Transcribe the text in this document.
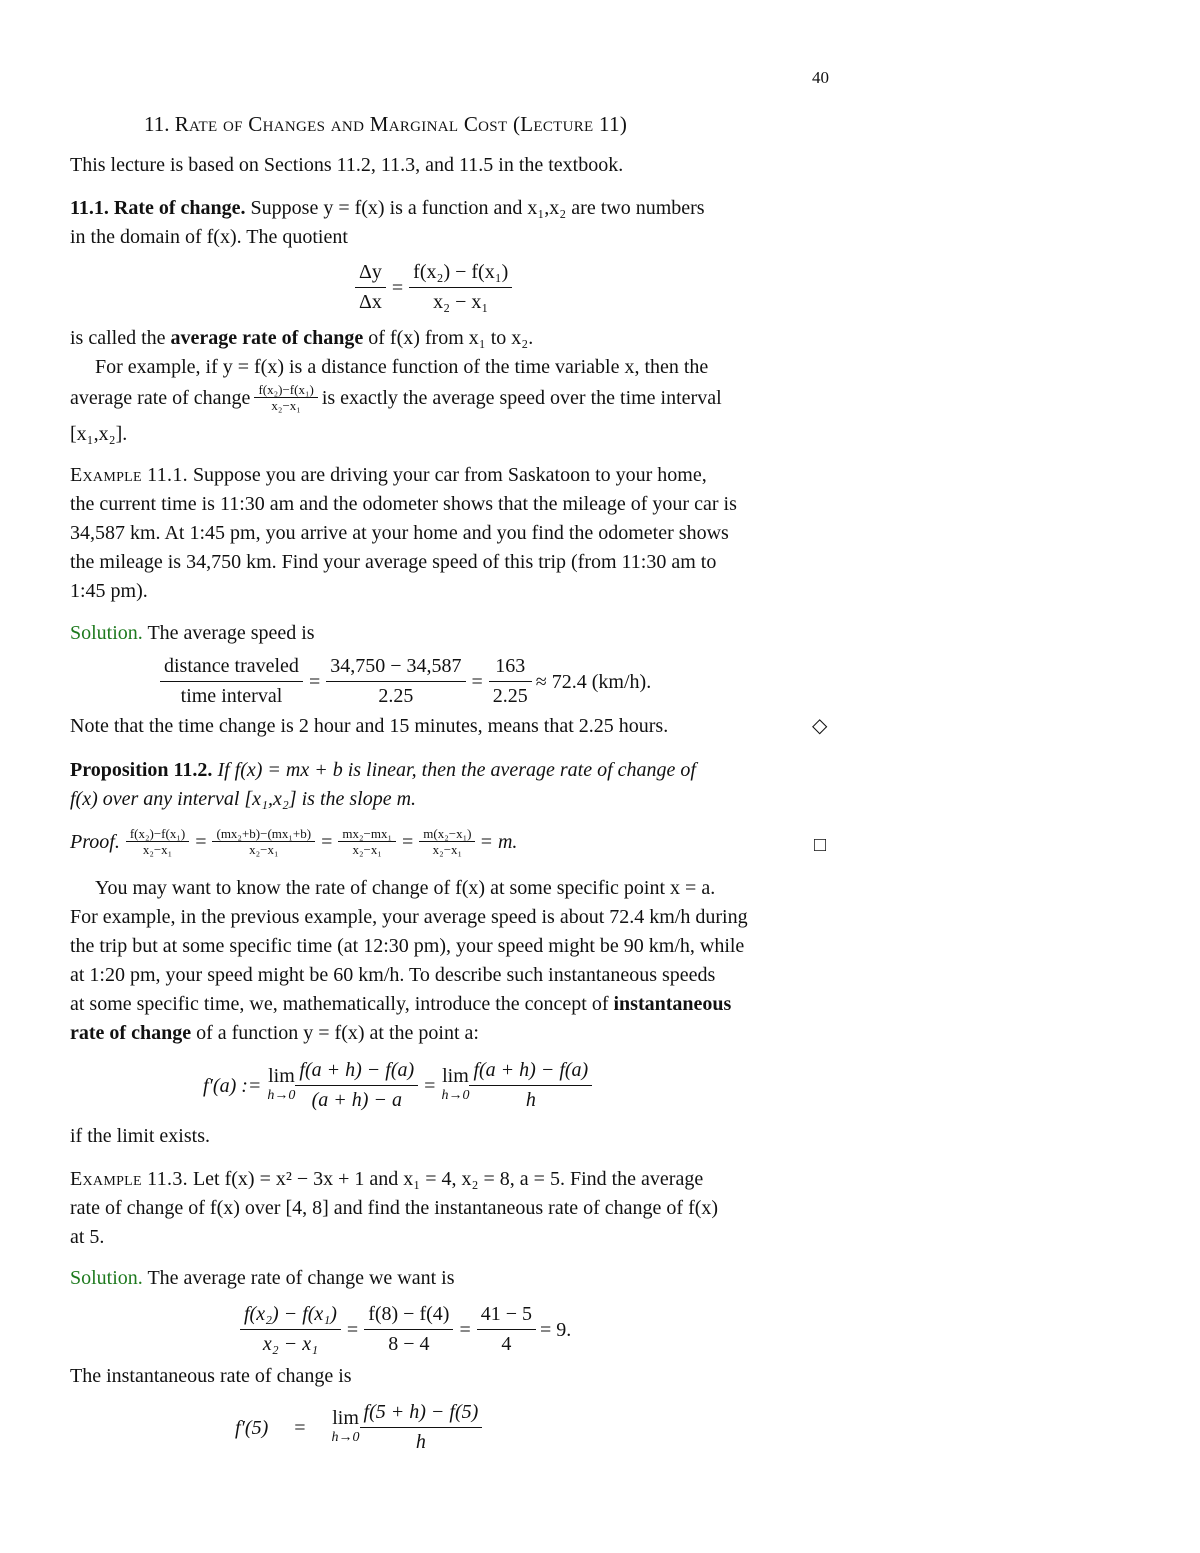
40
11. Rate of Changes and Marginal Cost (Lecture 11)
This lecture is based on Sections 11.2, 11.3, and 11.5 in the textbook.
11.1. Rate of change. Suppose y = f(x) is a function and x₁,x₂ are two numbers
in the domain of f(x). The quotient
$\frac{\Delta y}{\Delta x} = \frac{\text{f(x₂) − f(x₁)}}{\text{x₂ − x₁}}$
is called the average rate of change of f(x) from x₁ to x₂.
For example, if y = f(x) is a distance function of the time variable x, then the
average rate of change $\frac{\text{f(x₂)−f(x₁)}}{\text{x₂−x₁}}$ is exactly the average speed over the time interval
[x₁,x₂].
Example 11.1. Suppose you are driving your car from Saskatoon to your home,
the current time is 11:30 am and the odometer shows that the mileage of your car is
34,587 km. At 1:45 pm, you arrive at your home and you find the odometer shows
the mileage is 34,750 km. Find your average speed of this trip (from 11:30 am to
1:45 pm).
Solution. The average speed is
$\frac{\text{distance traveled}}{\text{time interval}} = \frac{34,750 - 34,587}{2.25} = \frac{163}{2.25} \approx 72.4$ (km/h).
Note that the time change is 2 hour and 15 minutes, means that 2.25 hours.	◇
Proposition 11.2. If f(x) = mx + b is linear, then the average rate of change of
f(x) over any interval [x₁,x₂] is the slope m.
Proof. $\frac{\text{f(x₂)−f(x₁)}}{\text{x₂−x₁}} = \frac{\text{(mx₂+b)−(mx₁+b)}}{\text{x₂−x₁}} = \frac{\text{mx₂−mx₁}}{\text{x₂−x₁}} = \frac{\text{m(x₂−x₁)}}{\text{x₂−x₁}} = m$.	□
You may want to know the rate of change of f(x) at some specific point x = a.
For example, in the previous example, your average speed is about 72.4 km/h during
the trip but at some specific time (at 12:30 pm), your speed might be 90 km/h, while
at 1:20 pm, your speed might be 60 km/h. To describe such instantaneous speeds
at some specific time, we, mathematically, introduce the concept of instantaneous
rate of change of a function y = f(x) at the point a:
f′(a) := lim
$h\to 0 \frac{f(a + h) - f(a)}{(a + h) - a} = \lim$
$h\to 0 \frac{f(a + h) - f(a)}{h}$
if the limit exists.
Example 11.3. Let f(x) = x² − 3x + 1 and x₁ = 4, x₂ = 8, a = 5. Find the average
rate of change of f(x) over [4, 8] and find the instantaneous rate of change of f(x)
at 5.
Solution. The average rate of change we want is
$\frac{\text{f(x₂) − f(x₁)}}{\text{x₂ − x₁}} = \frac{f(8) - f(4)}{8 - 4} = \frac{41 - 5}{4} = 9$.
The instantaneous rate of change is
f′(5) = lim
$h\to 0 \frac{f(5 + h) - f(5)}{h}$
